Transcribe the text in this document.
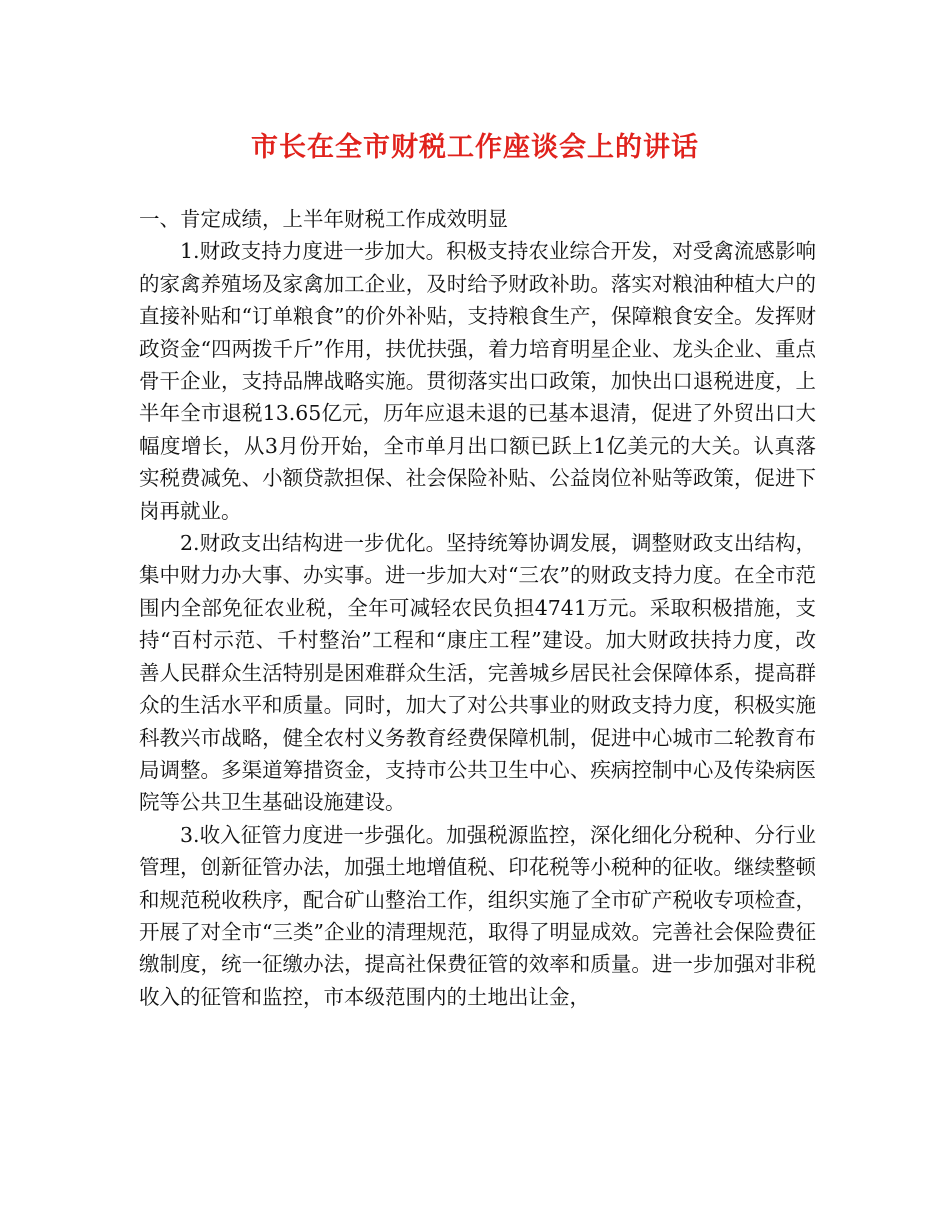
市长在全市财税工作座谈会上的讲话

一、肯定成绩，上半年财税工作成效明显

1.财政支持力度进一步加大。积极支持农业综合开发，对受禽流感影响的家禽养殖场及家禽加工企业，及时给予财政补助。落实对粮油种植大户的直接补贴和“订单粮食”的价外补贴，支持粮食生产，保障粮食安全。发挥财政资金“四两拨千斤”作用，扶优扶强，着力培育明星企业、龙头企业、重点骨干企业，支持品牌战略实施。贯彻落实出口政策，加快出口退税进度，上半年全市退税13.65亿元，历年应退未退的已基本退清，促进了外贸出口大幅度增长，从3月份开始，全市单月出口额已跃上1亿美元的大关。认真落实税费减免、小额贷款担保、社会保险补贴、公益岗位补贴等政策，促进下岗再就业。

2.财政支出结构进一步优化。坚持统筹协调发展，调整财政支出结构，集中财力办大事、办实事。进一步加大对“三农”的财政支持力度。在全市范围内全部免征农业税，全年可减轻农民负担4741万元。采取积极措施，支持“百村示范、千村整治”工程和“康庄工程”建设。加大财政扶持力度，改善人民群众生活特别是困难群众生活，完善城乡居民社会保障体系，提高群众的生活水平和质量。同时，加大了对公共事业的财政支持力度，积极实施科教兴市战略，健全农村义务教育经费保障机制，促进中心城市二轮教育布局调整。多渠道筹措资金，支持市公共卫生中心、疾病控制中心及传染病医院等公共卫生基础设施建设。

3.收入征管力度进一步强化。加强税源监控，深化细化分税种、分行业管理，创新征管办法，加强土地增值税、印花税等小税种的征收。继续整顿和规范税收秩序，配合矿山整治工作，组织实施了全市矿产税收专项检查，开展了对全市“三类”企业的清理规范，取得了明显成效。完善社会保险费征缴制度，统一征缴办法，提高社保费征管的效率和质量。进一步加强对非税收入的征管和监控，市本级范围内的土地出让金，
